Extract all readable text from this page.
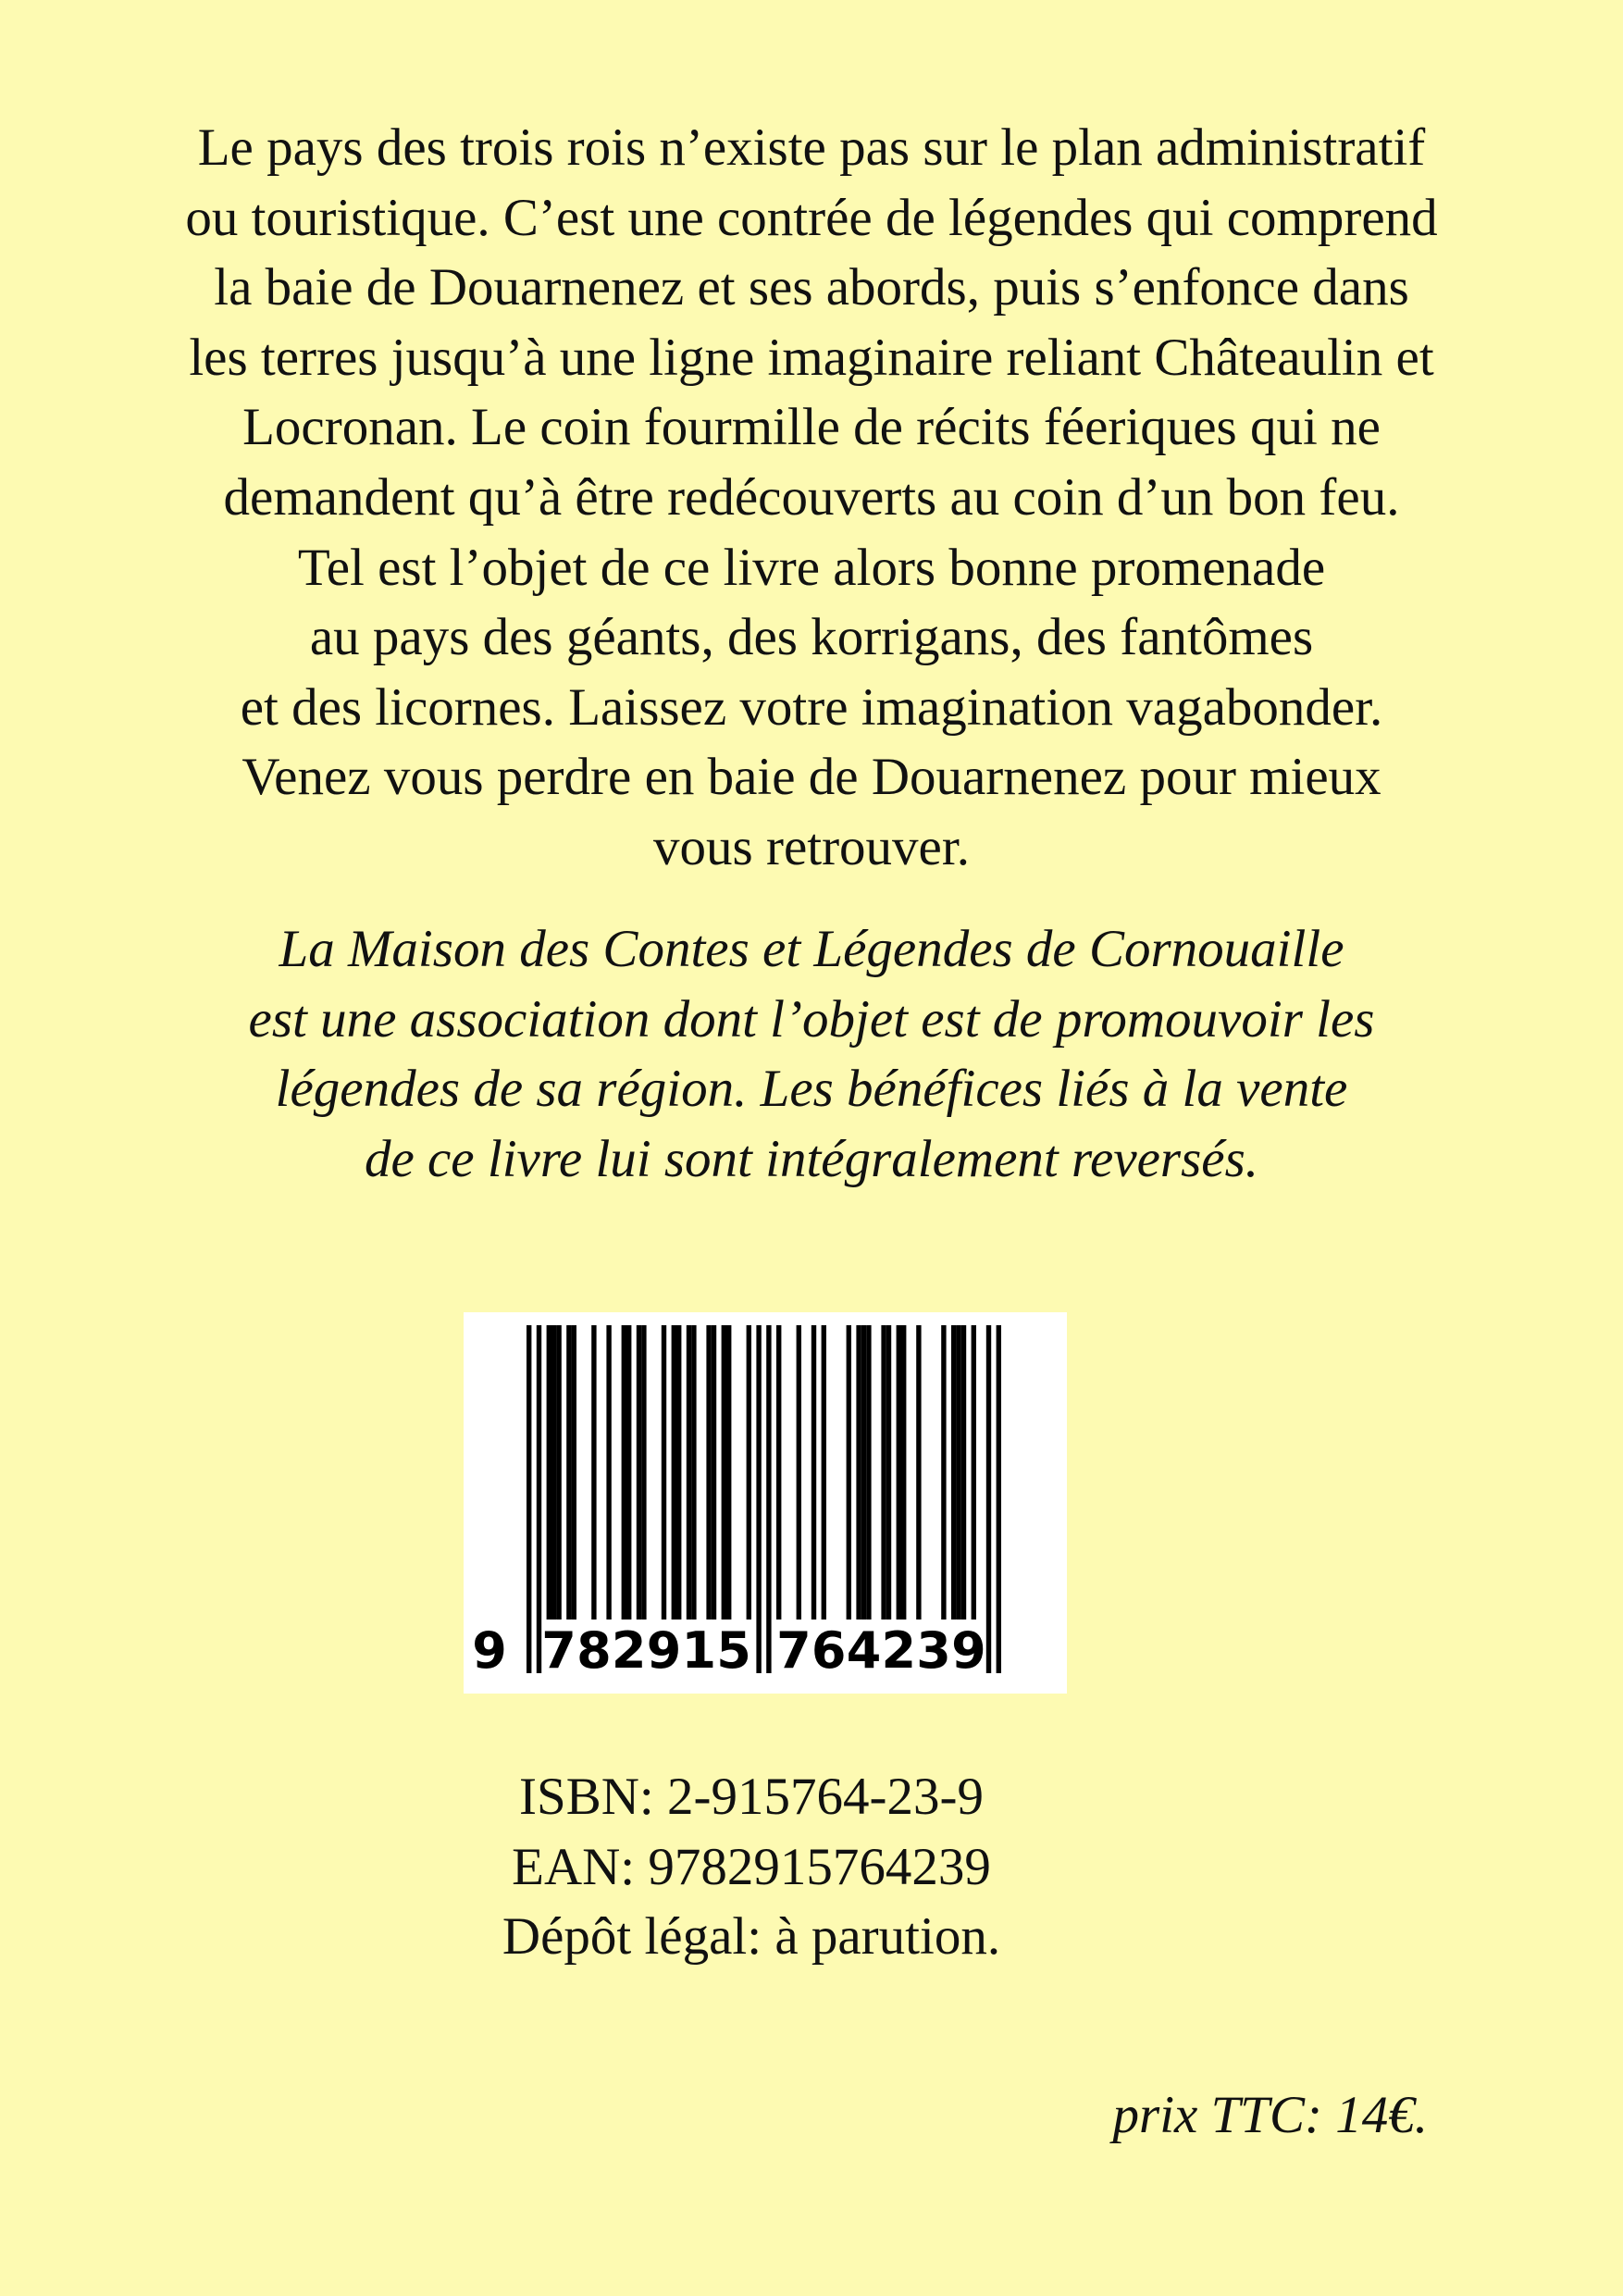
Le pays des trois rois n’existe pas sur le plan administratif
ou touristique. C’est une contrée de légendes qui comprend
la baie de Douarnenez et ses abords, puis s’enfonce dans
les terres jusqu’à une ligne imaginaire reliant Châteaulin et
Locronan. Le coin fourmille de récits féeriques qui ne
demandent qu’à être redécouverts au coin d’un bon feu.
Tel est l’objet de ce livre alors bonne promenade
au pays des géants, des korrigans, des fantômes
et des licornes. Laissez votre imagination vagabonder.
Venez vous perdre en baie de Douarnenez pour mieux
vous retrouver.
La Maison des Contes et Légendes de Cornouaille
est une association dont l’objet est de promouvoir les
légendes de sa région. Les bénéfices liés à la vente
de ce livre lui sont intégralement reversés.
9 7 8 2 9 1 5 7 6 4 2 3 9
ISBN: 2-915764-23-9
EAN: 9782915764239
Dépôt légal: à parution.
prix TTC: 14€.
